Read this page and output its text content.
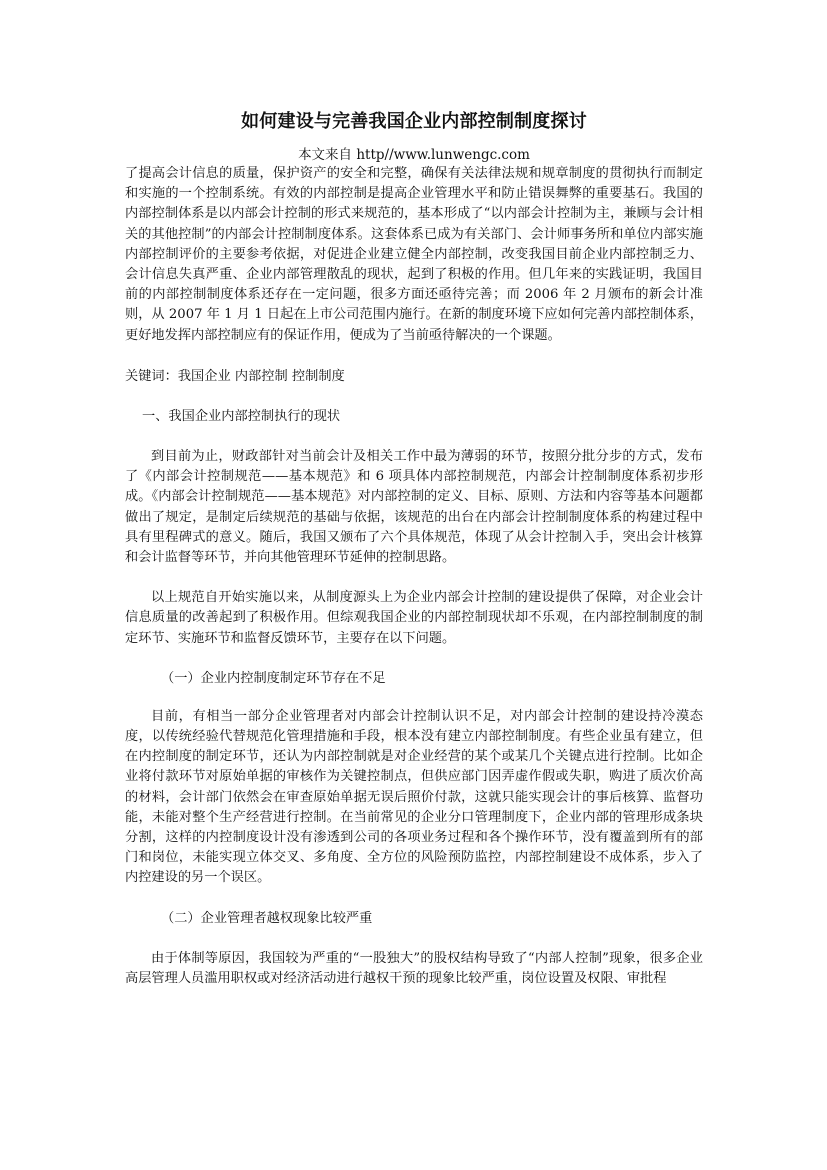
如何建设与完善我国企业内部控制制度探讨
本文来自 http//www.lunwengc.com

了提高会计信息的质量，保护资产的安全和完整，确保有关法律法规和规章制度的贯彻执行而制定和实施的一个控制系统。有效的内部控制是提高企业管理水平和防止错误舞弊的重要基石。我国的内部控制体系是以内部会计控制的形式来规范的，基本形成了“以内部会计控制为主，兼顾与会计相关的其他控制”的内部会计控制制度体系。这套体系已成为有关部门、会计师事务所和单位内部实施内部控制评价的主要参考依据，对促进企业建立健全内部控制，改变我国目前企业内部控制乏力、会计信息失真严重、企业内部管理散乱的现状，起到了积极的作用。但几年来的实践证明，我国目前的内部控制制度体系还存在一定问题，很多方面还亟待完善；而 2006 年 2 月颁布的新会计准则，从 2007 年 1 月 1 日起在上市公司范围内施行。在新的制度环境下应如何完善内部控制体系，更好地发挥内部控制应有的保证作用，便成为了当前亟待解决的一个课题。

关键词：我国企业 内部控制 控制制度

一、我国企业内部控制执行的现状

到目前为止，财政部针对当前会计及相关工作中最为薄弱的环节，按照分批分步的方式，发布了《内部会计控制规范——基本规范》和 6 项具体内部控制规范，内部会计控制制度体系初步形成。《内部会计控制规范——基本规范》对内部控制的定义、目标、原则、方法和内容等基本问题都做出了规定，是制定后续规范的基础与依据，该规范的出台在内部会计控制制度体系的构建过程中具有里程碑式的意义。随后，我国又颁布了六个具体规范，体现了从会计控制入手，突出会计核算和会计监督等环节，并向其他管理环节延伸的控制思路。

以上规范自开始实施以来，从制度源头上为企业内部会计控制的建设提供了保障，对企业会计信息质量的改善起到了积极作用。但综观我国企业的内部控制现状却不乐观，在内部控制制度的制定环节、实施环节和监督反馈环节，主要存在以下问题。

（一）企业内控制度制定环节存在不足

目前，有相当一部分企业管理者对内部会计控制认识不足，对内部会计控制的建设持冷漠态度，以传统经验代替规范化管理措施和手段，根本没有建立内部控制制度。有些企业虽有建立，但在内控制度的制定环节，还认为内部控制就是对企业经营的某个或某几个关键点进行控制。比如企业将付款环节对原始单据的审核作为关键控制点，但供应部门因弄虚作假或失职，购进了质次价高的材料，会计部门依然会在审查原始单据无误后照价付款，这就只能实现会计的事后核算、监督功能，未能对整个生产经营进行控制。在当前常见的企业分口管理制度下，企业内部的管理形成条块分割，这样的内控制度设计没有渗透到公司的各项业务过程和各个操作环节，没有覆盖到所有的部门和岗位，未能实现立体交叉、多角度、全方位的风险预防监控，内部控制建设不成体系，步入了内控建设的另一个误区。

（二）企业管理者越权现象比较严重

由于体制等原因，我国较为严重的“一股独大”的股权结构导致了“内部人控制”现象，很多企业高层管理人员滥用职权或对经济活动进行越权干预的现象比较严重，岗位设置及权限、审批程
